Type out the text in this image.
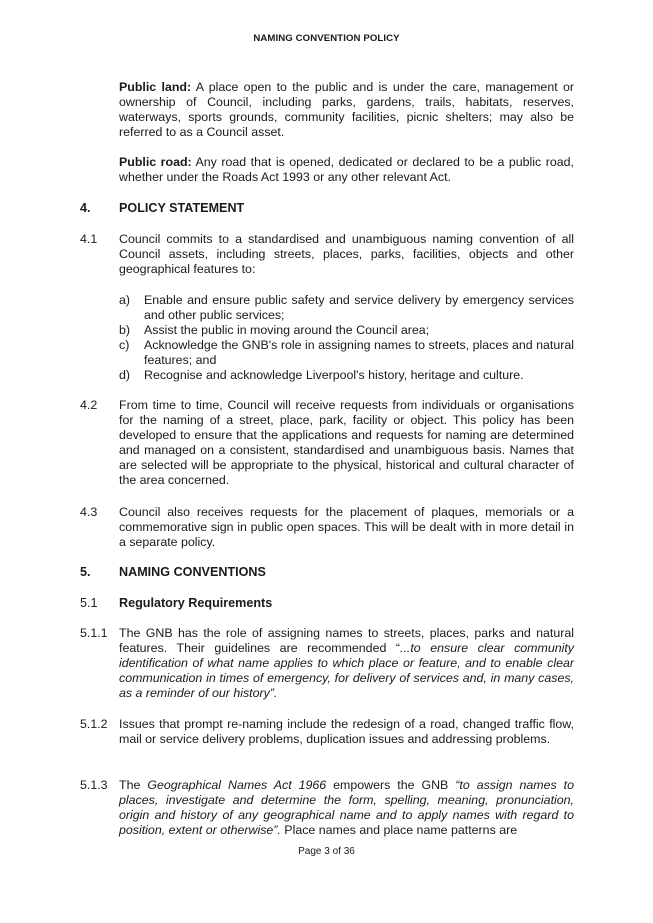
NAMING CONVENTION POLICY
Public land: A place open to the public and is under the care, management or ownership of Council, including parks, gardens, trails, habitats, reserves, waterways, sports grounds, community facilities, picnic shelters; may also be referred to as a Council asset.
Public road: Any road that is opened, dedicated or declared to be a public road, whether under the Roads Act 1993 or any other relevant Act.
4. POLICY STATEMENT
4.1 Council commits to a standardised and unambiguous naming convention of all Council assets, including streets, places, parks, facilities, objects and other geographical features to:
a) Enable and ensure public safety and service delivery by emergency services and other public services;
b) Assist the public in moving around the Council area;
c) Acknowledge the GNB's role in assigning names to streets, places and natural features; and
d) Recognise and acknowledge Liverpool's history, heritage and culture.
4.2 From time to time, Council will receive requests from individuals or organisations for the naming of a street, place, park, facility or object. This policy has been developed to ensure that the applications and requests for naming are determined and managed on a consistent, standardised and unambiguous basis. Names that are selected will be appropriate to the physical, historical and cultural character of the area concerned.
4.3 Council also receives requests for the placement of plaques, memorials or a commemorative sign in public open spaces. This will be dealt with in more detail in a separate policy.
5. NAMING CONVENTIONS
5.1 Regulatory Requirements
5.1.1 The GNB has the role of assigning names to streets, places, parks and natural features. Their guidelines are recommended “...to ensure clear community identification of what name applies to which place or feature, and to enable clear communication in times of emergency, for delivery of services and, in many cases, as a reminder of our history”.
5.1.2 Issues that prompt re-naming include the redesign of a road, changed traffic flow, mail or service delivery problems, duplication issues and addressing problems.
5.1.3 The Geographical Names Act 1966 empowers the GNB “to assign names to places, investigate and determine the form, spelling, meaning, pronunciation, origin and history of any geographical name and to apply names with regard to position, extent or otherwise”. Place names and place name patterns are
Page 3 of 36
